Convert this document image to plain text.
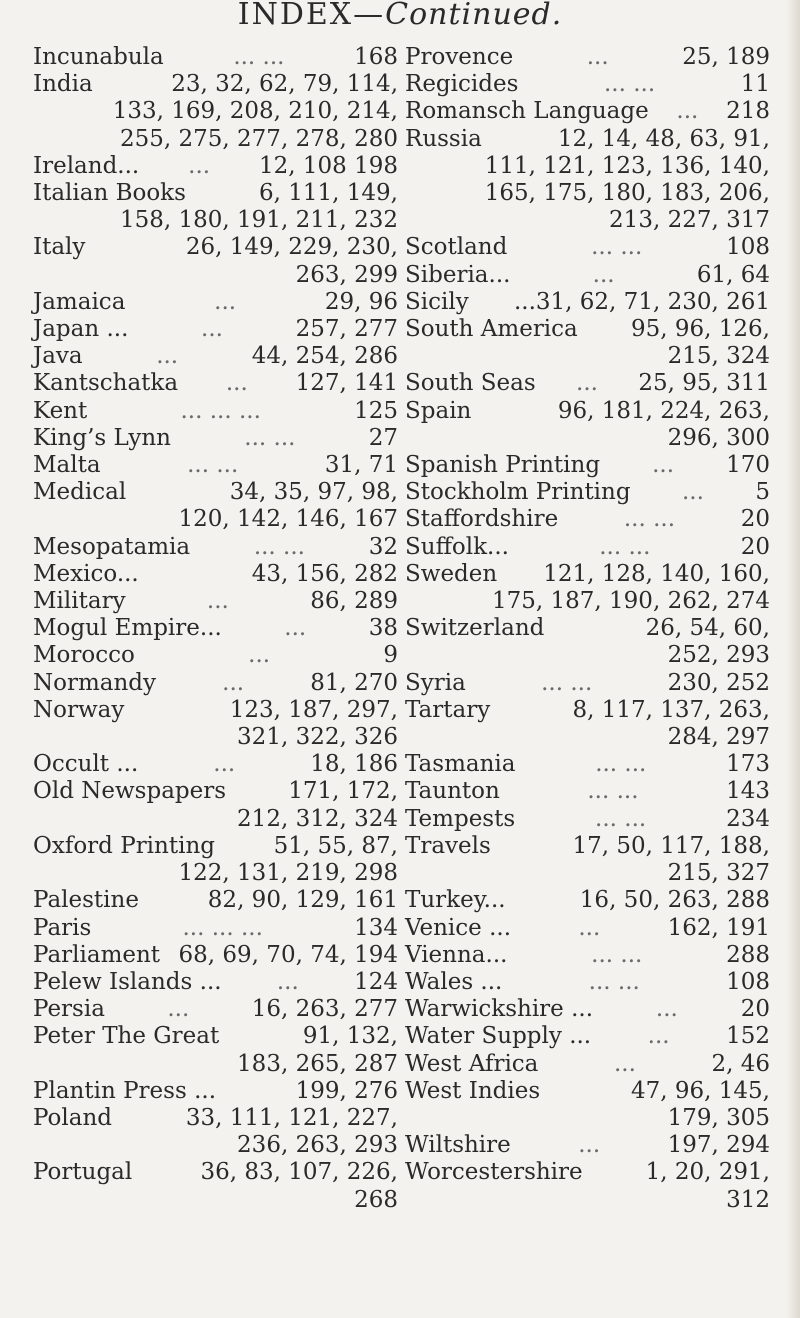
INDEX—Continued.
Incunabula	... ...	168
India	23, 32, 62, 79, 114,
133, 169, 208, 210, 214,
255, 275, 277, 278, 280
Ireland...	...	12, 108 198
Italian Books	6, 111, 149,
158, 180, 191, 211, 232
Italy	26, 149, 229, 230,
263, 299
Jamaica	...	29, 96
Japan ...	...	257, 277
Java	...	44, 254, 286
Kantschatka	...	127, 141
Kent	... ... ...	125
King’s Lynn	... ...	27
Malta	... ...	31, 71
Medical	34, 35, 97, 98,
120, 142, 146, 167
Mesopatamia	... ...	32
Mexico...	43, 156, 282
Military	...	86, 289
Mogul Empire...	...	38
Morocco	...	9
Normandy	...	81, 270
Norway	123, 187, 297,
321, 322, 326
Occult ...	...	18, 186
Old Newspapers	171, 172,
212, 312, 324
Oxford Printing	51, 55, 87,
122, 131, 219, 298
Palestine	82, 90, 129, 161
Paris	... ... ...	134
Parliament 68, 69, 70, 74, 194
Pelew Islands ...	...	124
Persia	...	16, 263, 277
Peter The Great	91, 132,
183, 265, 287
Plantin Press ...	199, 276
Poland	33, 111, 121, 227,
236, 263, 293
Portugal	36, 83, 107, 226,
268
Provence	...	25, 189
Regicides	... ...	11
Romansch Language	...	218
Russia	12, 14, 48, 63, 91,
111, 121, 123, 136, 140,
165, 175, 180, 183, 206,
213, 227, 317
Scotland	... ...	108
Siberia...	...	61, 64
Sicily ...31, 62, 71, 230, 261
South America 95, 96, 126,
215, 324
South Seas	...	25, 95, 311
Spain	96, 181, 224, 263,
296, 300
Spanish Printing	...	170
Stockholm Printing	...	5
Staffordshire	... ...	20
Suffolk...	... ...	20
Sweden 121, 128, 140, 160,
175, 187, 190, 262, 274
Switzerland	26, 54, 60,
252, 293
Syria	... ...	230, 252
Tartary	8, 117, 137, 263,
284, 297
Tasmania	... ...	173
Taunton	... ...	143
Tempests	... ...	234
Travels	17, 50, 117, 188,
215, 327
Turkey...	16, 50, 263, 288
Venice ...	...	162, 191
Vienna...	... ...	288
Wales ...	... ...	108
Warwickshire ...	...	20
Water Supply ...	...	152
West Africa	...	2, 46
West Indies	47, 96, 145,
179, 305
Wiltshire	...	197, 294
Worcestershire	1, 20, 291,
312
